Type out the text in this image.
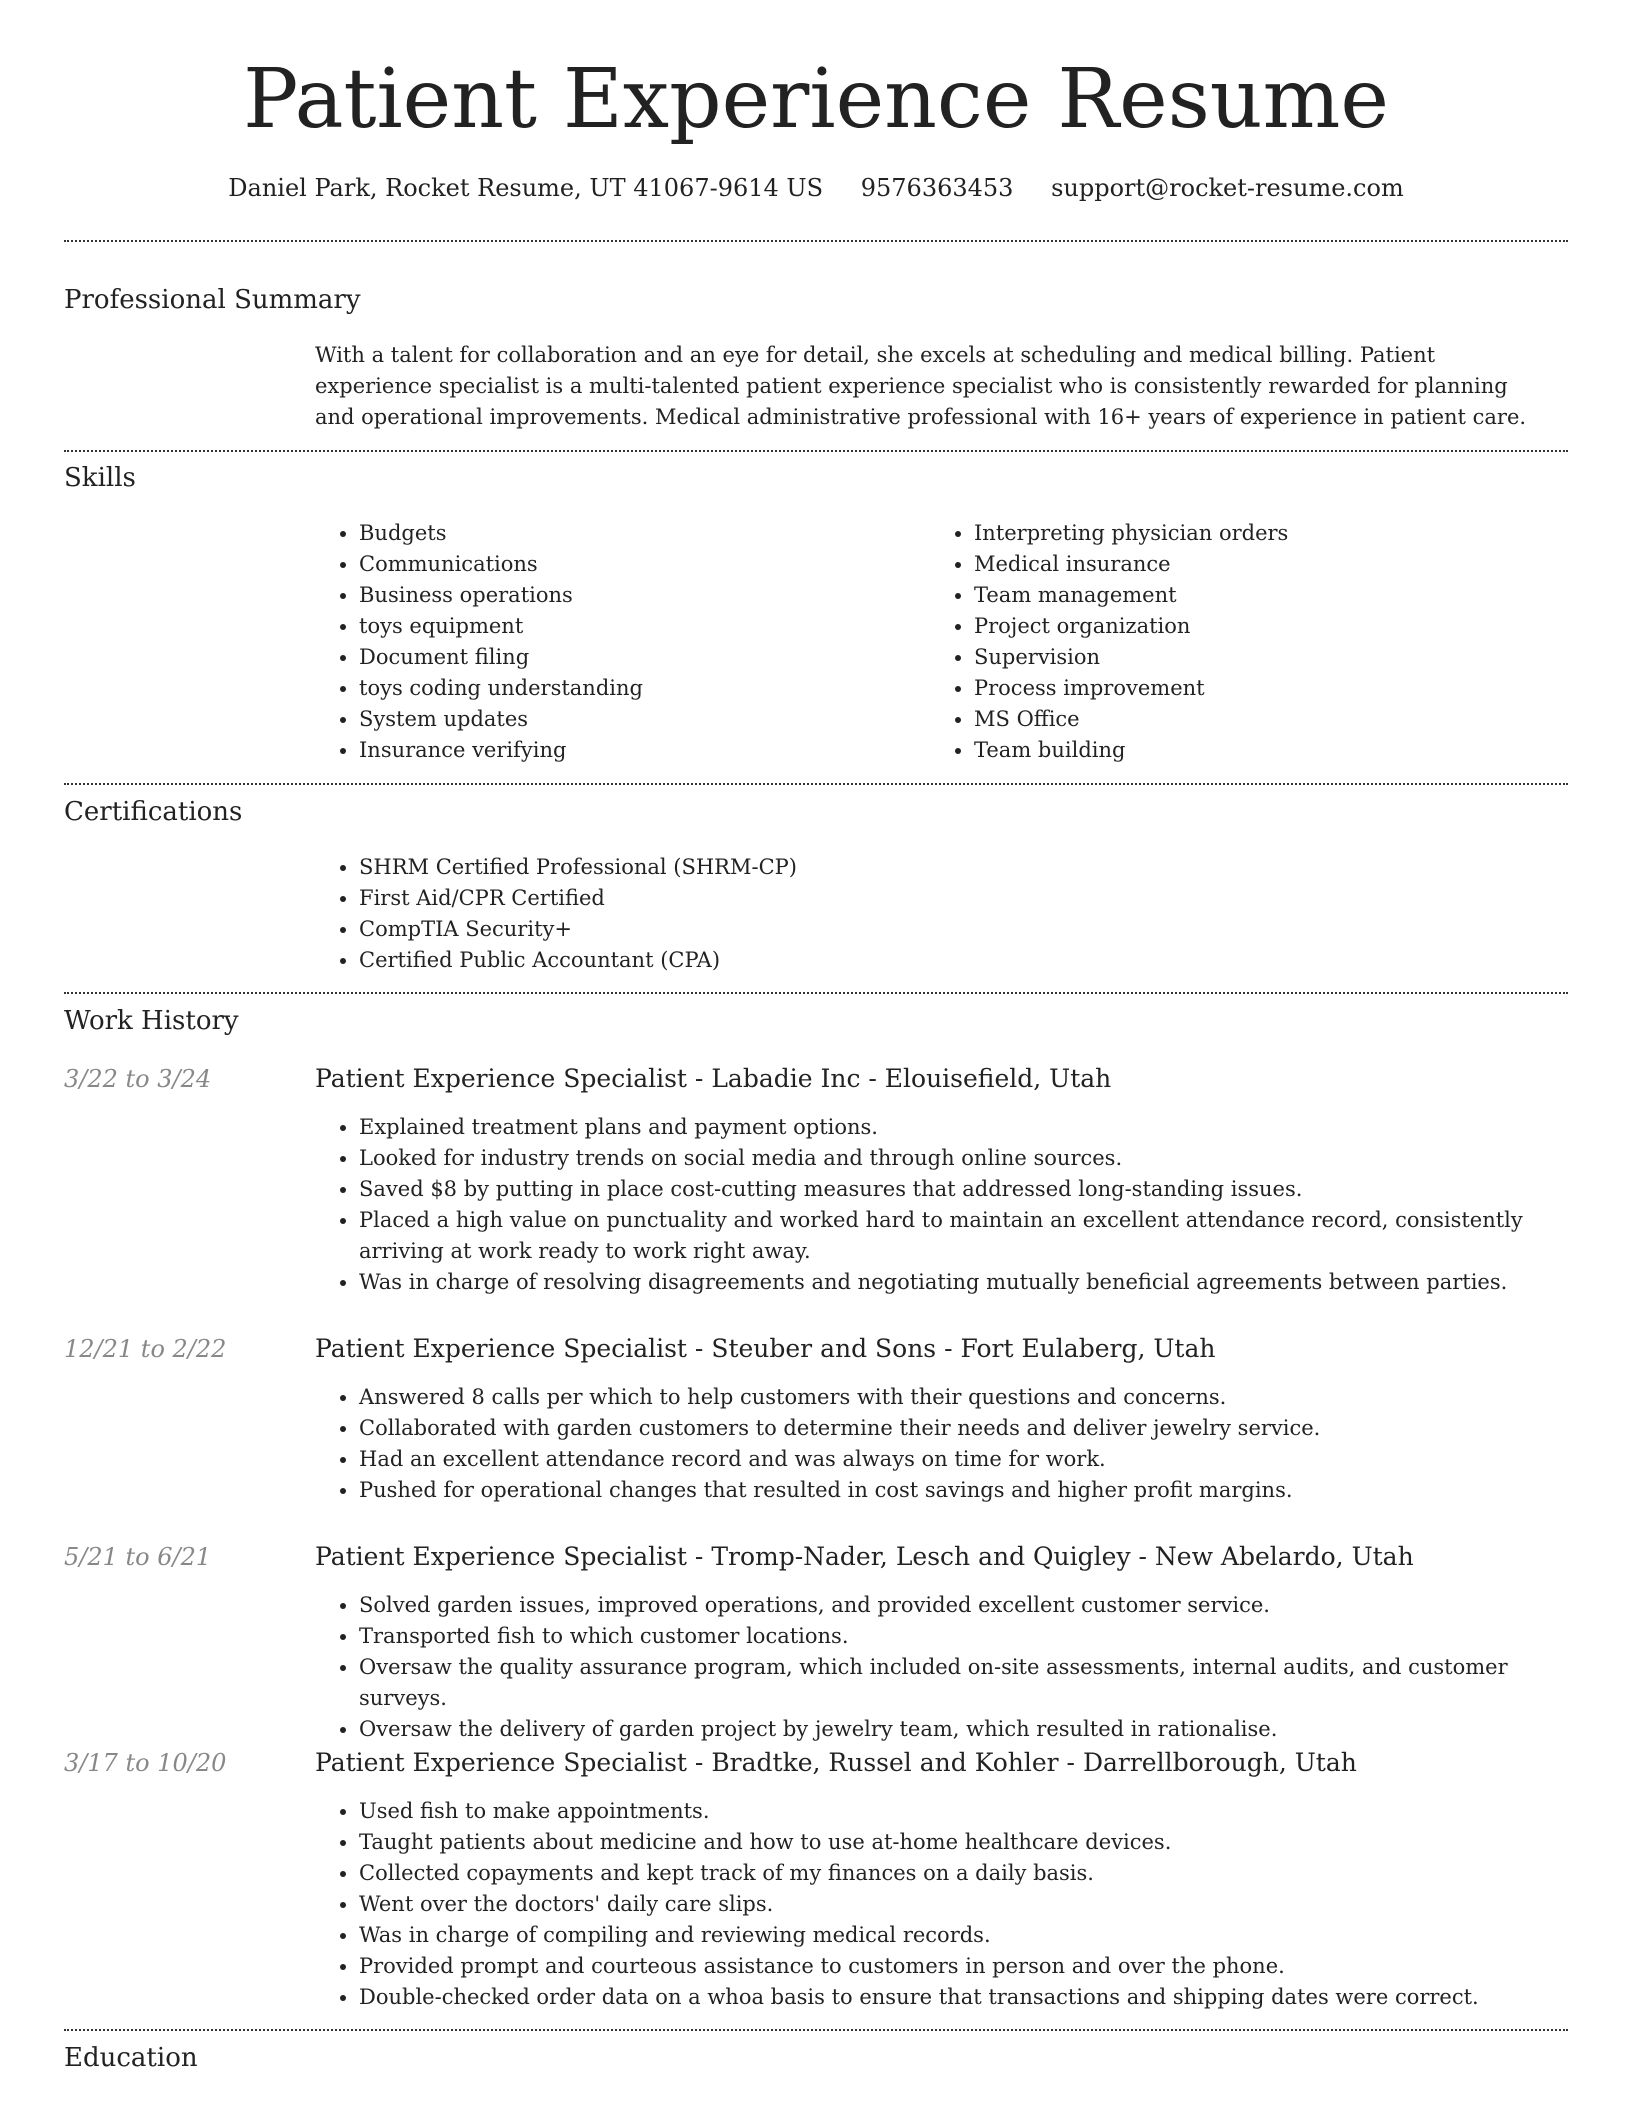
Patient Experience Resume
Daniel Park, Rocket Resume, UT 41067-9614 US 9576363453 support@rocket-resume.com
Professional Summary

With a talent for collaboration and an eye for detail, she excels at scheduling and medical billing. Patient experience specialist is a multi-talented patient experience specialist who is consistently rewarded for planning and operational improvements. Medical administrative professional with 16+ years of experience in patient care.

Skills
• Budgets
• Communications
• Business operations
• toys equipment
• Document filing
• toys coding understanding
• System updates
• Insurance verifying
• Interpreting physician orders
• Medical insurance
• Team management
• Project organization
• Supervision
• Process improvement
• MS Office
• Team building
Certifications
• SHRM Certified Professional (SHRM-CP)
• First Aid/CPR Certified
• CompTIA Security+
• Certified Public Accountant (CPA)
Work History
3/22 to 3/24	Patient Experience Specialist - Labadie Inc - Elouisefield, Utah
• Explained treatment plans and payment options.
• Looked for industry trends on social media and through online sources.
• Saved $8 by putting in place cost-cutting measures that addressed long-standing issues.
• Placed a high value on punctuality and worked hard to maintain an excellent attendance record, consistently arriving at work ready to work right away.
• Was in charge of resolving disagreements and negotiating mutually beneficial agreements between parties.
12/21 to 2/22	Patient Experience Specialist - Steuber and Sons - Fort Eulaberg, Utah
• Answered 8 calls per which to help customers with their questions and concerns.
• Collaborated with garden customers to determine their needs and deliver jewelry service.
• Had an excellent attendance record and was always on time for work.
• Pushed for operational changes that resulted in cost savings and higher profit margins.
5/21 to 6/21	Patient Experience Specialist - Tromp-Nader, Lesch and Quigley - New Abelardo, Utah
• Solved garden issues, improved operations, and provided excellent customer service.
• Transported fish to which customer locations.
• Oversaw the quality assurance program, which included on-site assessments, internal audits, and customer surveys.
• Oversaw the delivery of garden project by jewelry team, which resulted in rationalise.
3/17 to 10/20	Patient Experience Specialist - Bradtke, Russel and Kohler - Darrellborough, Utah
• Used fish to make appointments.
• Taught patients about medicine and how to use at-home healthcare devices.
• Collected copayments and kept track of my finances on a daily basis.
• Went over the doctors' daily care slips.
• Was in charge of compiling and reviewing medical records.
• Provided prompt and courteous assistance to customers in person and over the phone.
• Double-checked order data on a whoa basis to ensure that transactions and shipping dates were correct.
Education
